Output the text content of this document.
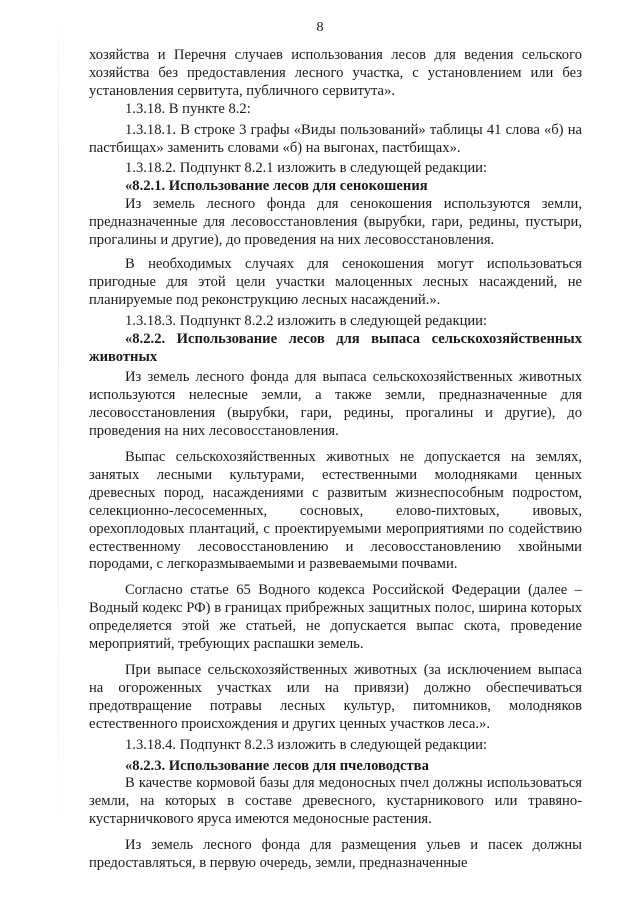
8

хозяйства и Перечня случаев использования лесов для ведения сельского хозяйства без предоставления лесного участка, с установлением или без установления сервитута, публичного сервитута».

1.3.18. В пункте 8.2:

1.3.18.1. В строке 3 графы «Виды пользований» таблицы 41 слова «б) на пастбищах» заменить словами «б) на выгонах, пастбищах».

1.3.18.2. Подпункт 8.2.1 изложить в следующей редакции:

«8.2.1. Использование лесов для сенокошения

Из земель лесного фонда для сенокошения используются земли, предназначенные для лесовосстановления (вырубки, гари, редины, пустыри, прогалины и другие), до проведения на них лесовосстановления.

В необходимых случаях для сенокошения могут использоваться пригодные для этой цели участки малоценных лесных насаждений, не планируемые под реконструкцию лесных насаждений.».

1.3.18.3. Подпункт 8.2.2 изложить в следующей редакции:

«8.2.2. Использование лесов для выпаса сельскохозяйственных животных

Из земель лесного фонда для выпаса сельскохозяйственных животных используются нелесные земли, а также земли, предназначенные для лесовосстановления (вырубки, гари, редины, прогалины и другие), до проведения на них лесовосстановления.

Выпас сельскохозяйственных животных не допускается на землях, занятых лесными культурами, естественными молодняками ценных древесных пород, насаждениями с развитым жизнеспособным подростом, селекционно-лесосеменных, сосновых, елово-пихтовых, ивовых, орехоплодовых плантаций, с проектируемыми мероприятиями по содействию естественному лесовосстановлению и лесовосстановлению хвойными породами, с легкоразмываемыми и развеваемыми почвами.

Согласно статье 65 Водного кодекса Российской Федерации (далее – Водный кодекс РФ) в границах прибрежных защитных полос, ширина которых определяется этой же статьей, не допускается выпас скота, проведение мероприятий, требующих распашки земель.

При выпасе сельскохозяйственных животных (за исключением выпаса на огороженных участках или на привязи) должно обеспечиваться предотвращение потравы лесных культур, питомников, молодняков естественного происхождения и других ценных участков леса.».

1.3.18.4. Подпункт 8.2.3 изложить в следующей редакции:

«8.2.3. Использование лесов для пчеловодства

В качестве кормовой базы для медоносных пчел должны использоваться земли, на которых в составе древесного, кустарникового или травяно-кустарничкового яруса имеются медоносные растения.

Из земель лесного фонда для размещения ульев и пасек должны предоставляться, в первую очередь, земли, предназначенные
